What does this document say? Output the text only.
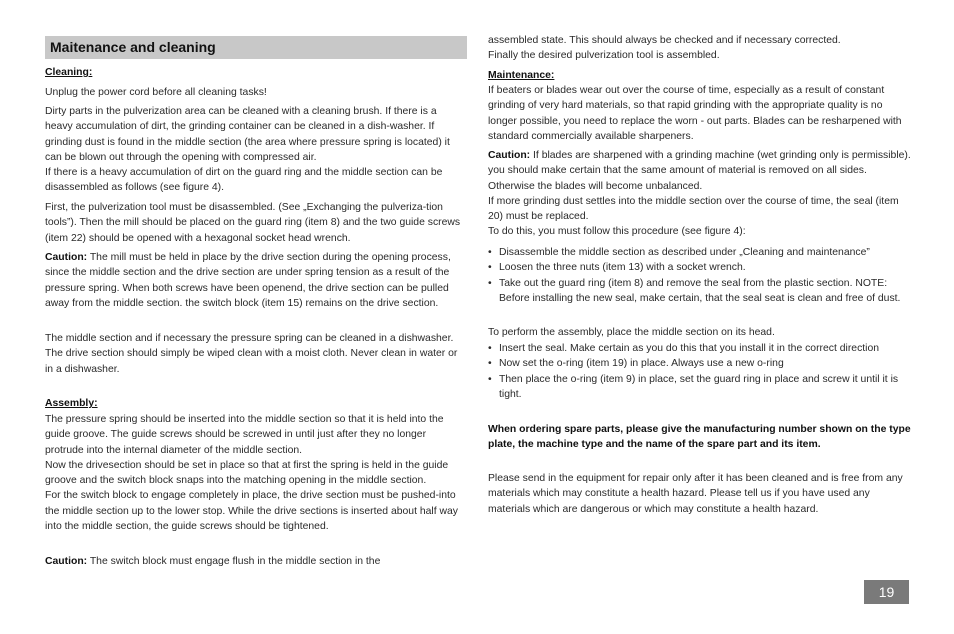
Maitenance and cleaning

Cleaning:

Unplug the power cord before all cleaning tasks!

Dirty parts in the pulverization area can be cleaned with a cleaning brush. If there is a heavy accumulation of dirt, the grinding container can be cleaned in a dish-washer. If grinding dust is found in the middle section (the area where pressure spring is located) it can be blown out through the opening with compressed air.

If there is a heavy accumulation of dirt on the guard ring and the middle section can be disassembled as follows (see figure 4).

First, the pulverization tool must be disassembled. (See „Exchanging the pulveriza-tion tools”). Then the mill should be placed on the guard ring (item 8) and the two guide screws (item 22) should be opened with a hexagonal socket head wrench.

Caution: The mill must be held in place by the drive section during the opening process, since the middle section and the drive section are under spring tension as a result of the pressure spring. When both screws have been openend, the drive section can be pulled away from the middle section. the switch block (item 15) remains on the drive section.

The middle section and if necessary the pressure spring can be cleaned in a dishwasher.

The drive section should simply be wiped clean with a moist cloth. Never clean in water or in a dishwasher.

Assembly:

The pressure spring should be inserted into the middle section so that it is held into the guide groove. The guide screws should be screwed in until just after they no longer protrude into the internal diameter of the middle section.

Now the drivesection should be set in place so that at first the spring is held in the guide groove and the switch block snaps into the matching opening in the middle section.

For the switch block to engage completely in place, the drive section must be pushed-into the middle section up to the lower stop. While the drive sections is inserted about half way into the middle section, the guide screws should be tightened.

Caution: The switch block must engage flush in the middle section in the

assembled state. This should always be checked and if necessary corrected.

Finally the desired pulverization tool is assembled.

Maintenance:

If beaters or blades wear out over the course of time, especially as a result of constant grinding of very hard materials, so that rapid grinding with the appropriate quality is no longer possible, you need to replace the worn - out parts. Blades can be resharpened with standard commercially available sharpeners.

Caution: If blades are sharpened with a grinding machine (wet grinding only is permissible). you should make certain that the same amount of material is removed on all sides. Otherwise the blades will become unbalanced.

If more grinding dust settles into the middle section over the course of time, the seal (item 20) must be replaced.

To do this, you must follow this procedure (see figure 4):

• Disassemble the middle section as described under „Cleaning and maintenance”
• Loosen the three nuts (item 13) with a socket wrench.
• Take out the guard ring (item 8) and remove the seal from the plastic section. NOTE: Before installing the new seal, make certain, that the seal seat is clean and free of dust.

To perform the assembly, place the middle section on its head.

• Insert the seal. Make certain as you do this that you install it in the correct direction
• Now set the o-ring (item 19) in place. Always use a new o-ring
• Then place the o-ring (item 9) in place, set the guard ring in place and screw it until it is tight.

When ordering spare parts, please give the manufacturing number shown on the type plate, the machine type and the name of the spare part and its item.

Please send in the equipment for repair only after it has been cleaned and is free from any materials which may constitute a health hazard. Please tell us if you have used any materials which are dangerous or which may constitute a health hazard.

19
